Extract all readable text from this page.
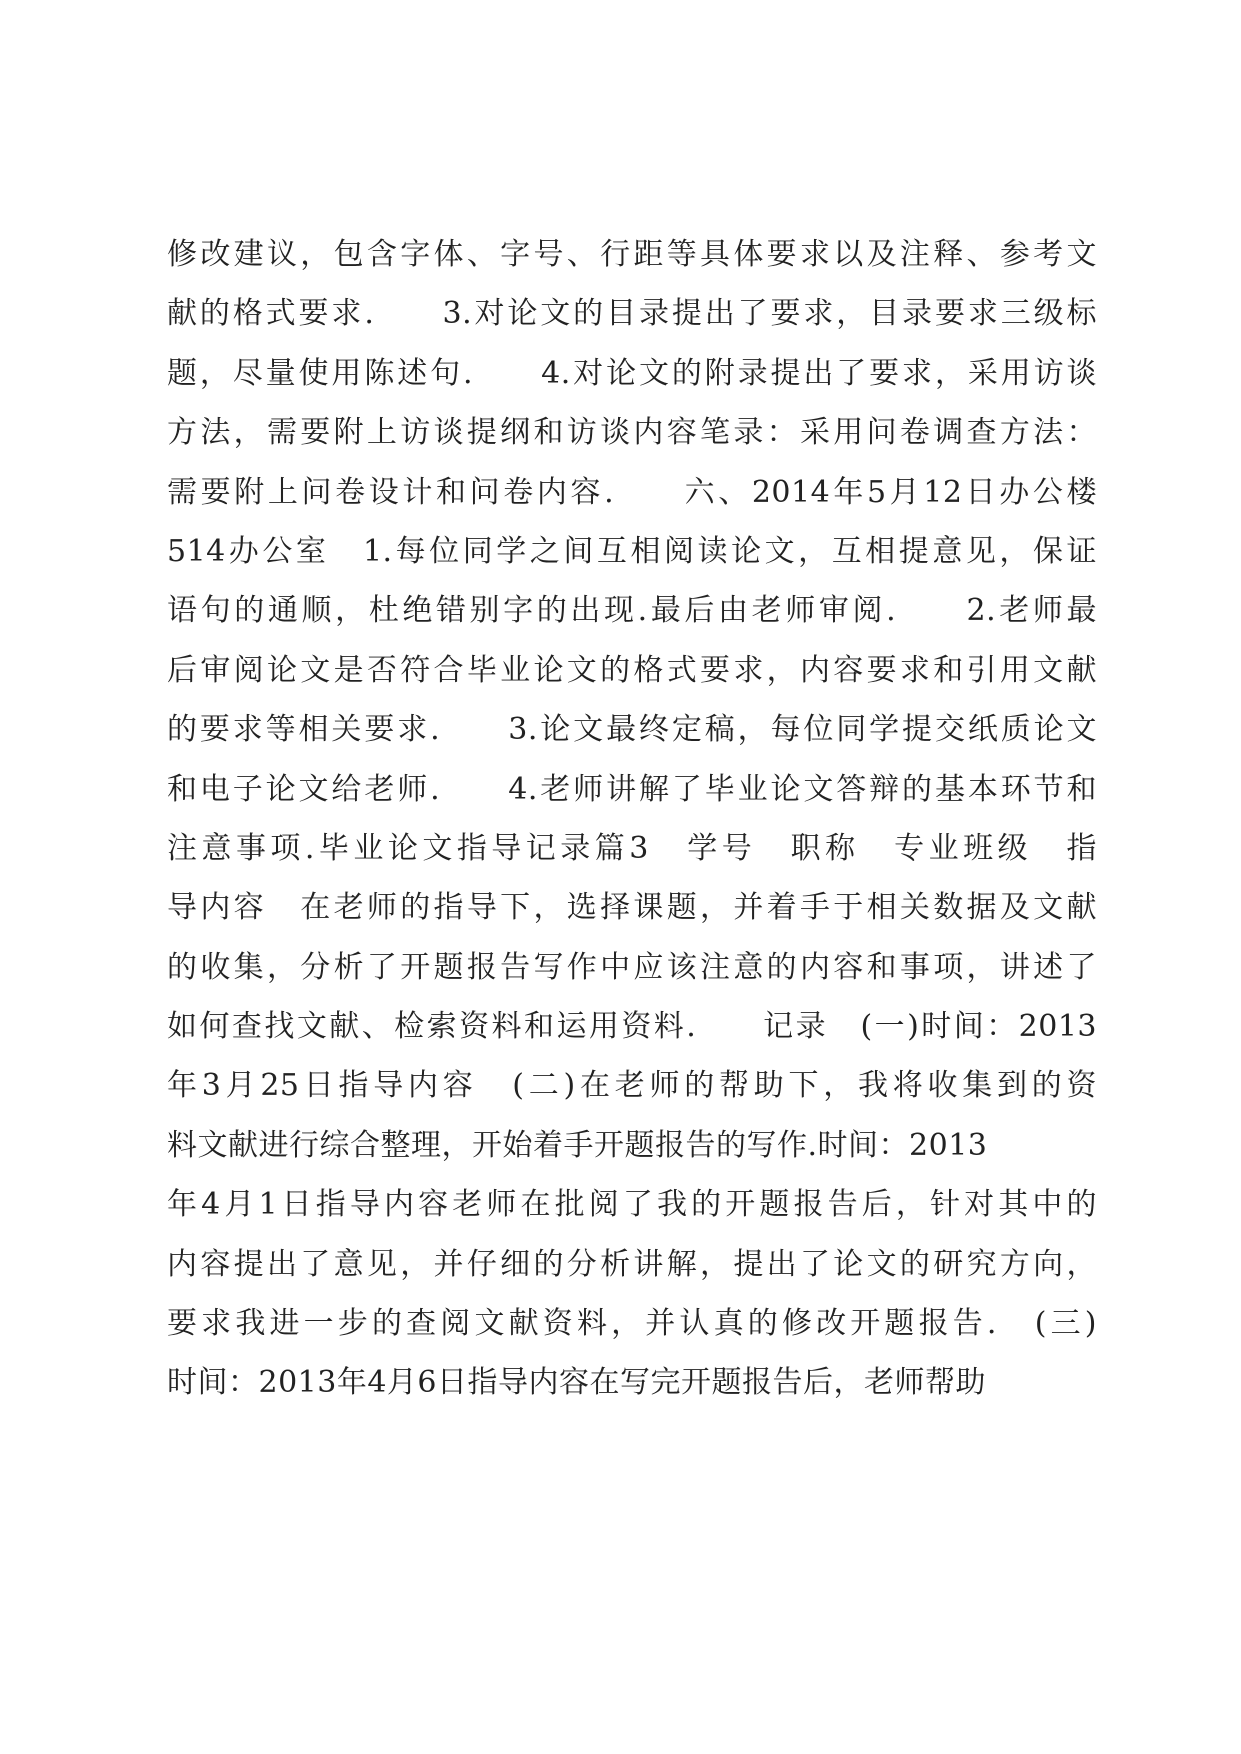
修改建议，包含字体、字号、行距等具体要求以及注释、参考文
献的格式要求.　　3.对论文的目录提出了要求，目录要求三级标
题，尽量使用陈述句.　　4.对论文的附录提出了要求，采用访谈
方法，需要附上访谈提纲和访谈内容笔录：采用问卷调查方法：
需要附上问卷设计和问卷内容.　　六、2014年5月12日办公楼
514办公室　1.每位同学之间互相阅读论文，互相提意见，保证
语句的通顺，杜绝错别字的出现.最后由老师审阅.　　2.老师最
后审阅论文是否符合毕业论文的格式要求，内容要求和引用文献
的要求等相关要求.　　3.论文最终定稿，每位同学提交纸质论文
和电子论文给老师.　　4.老师讲解了毕业论文答辩的基本环节和
注意事项.毕业论文指导记录篇3　学号　职称　专业班级　指
导内容　在老师的指导下，选择课题，并着手于相关数据及文献
的收集，分析了开题报告写作中应该注意的内容和事项，讲述了
如何查找文献、检索资料和运用资料.　　记录　(一)时间：2013
年3月25日指导内容　(二)在老师的帮助下，我将收集到的资
料文献进行综合整理，开始着手开题报告的写作.时间：2013
年4月1日指导内容老师在批阅了我的开题报告后，针对其中的
内容提出了意见，并仔细的分析讲解，提出了论文的研究方向，
要求我进一步的查阅文献资料，并认真的修改开题报告.　(三)
时间：2013年4月6日指导内容在写完开题报告后，老师帮助
